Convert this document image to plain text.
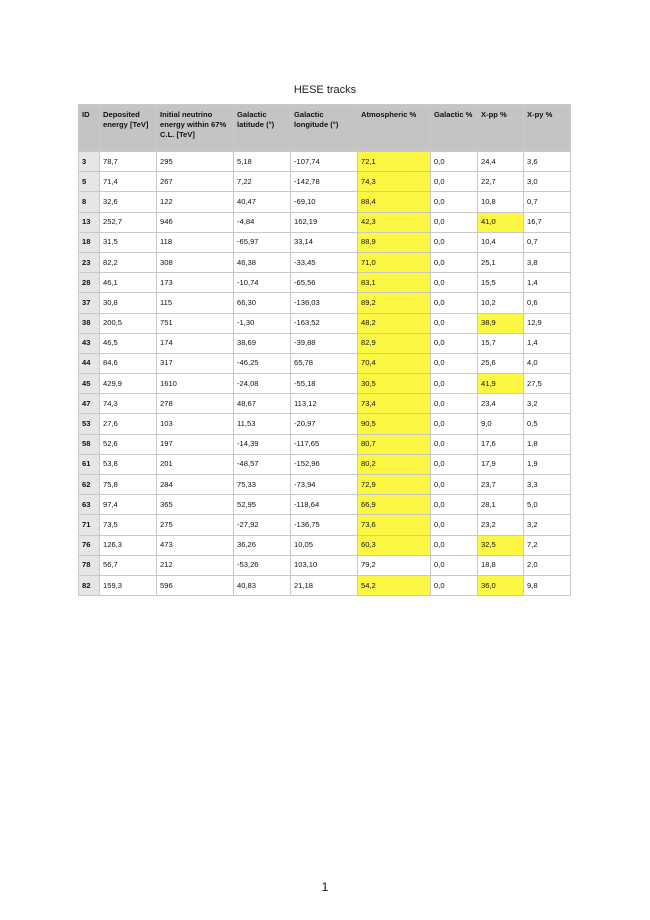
HESE tracks
ID	Deposited energy [TeV]	Initial neutrino energy within 67% C.L. [TeV]	Galactic latitude (°)	Galactic longitude (°)	Atmospheric %	Galactic %	X-pp %	X-py %
3	78,7	295	5,18	-107,74	72,1	0,0	24,4	3,6
5	71,4	267	7,22	-142,78	74,3	0,0	22,7	3,0
8	32,6	122	40,47	-69,10	88,4	0,0	10,8	0,7
13	252,7	946	-4,84	162,19	42,3	0,0	41,0	16,7
18	31,5	118	-65,97	33,14	88,9	0,0	10,4	0,7
23	82,2	308	46,38	-33,45	71,0	0,0	25,1	3,8
28	46,1	173	-10,74	-65,56	83,1	0,0	15,5	1,4
37	30,8	115	66,30	-136,03	89,2	0,0	10,2	0,6
38	200,5	751	-1,30	-163,52	48,2	0,0	38,9	12,9
43	46,5	174	38,69	-39,88	82,9	0,0	15,7	1,4
44	84,6	317	-46,25	65,78	70,4	0,0	25,6	4,0
45	429,9	1610	-24,08	-55,18	30,5	0,0	41,9	27,5
47	74,3	278	48,67	113,12	73,4	0,0	23,4	3,2
53	27,6	103	11,53	-20,97	90,5	0,0	9,0	0,5
58	52,6	197	-14,39	-117,65	80,7	0,0	17,6	1,8
61	53,8	201	-48,57	-152,96	80,2	0,0	17,9	1,9
62	75,8	284	75,33	-73,94	72,9	0,0	23,7	3,3
63	97,4	365	52,95	-118,64	66,9	0,0	28,1	5,0
71	73,5	275	-27,92	-136,75	73,6	0,0	23,2	3,2
76	126,3	473	36,26	10,05	60,3	0,0	32,5	7,2
78	56,7	212	-53,26	103,10	79,2	0,0	18,8	2,0
82	159,3	596	40,83	21,18	54,2	0,0	36,0	9,8
1
